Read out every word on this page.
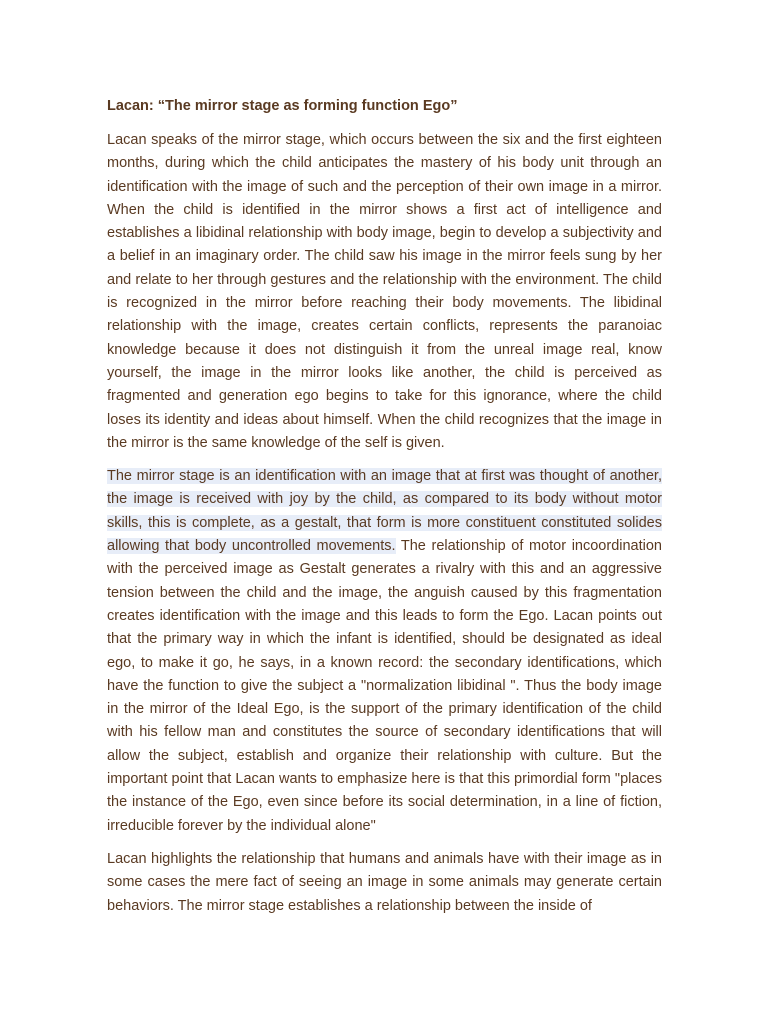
Lacan: “The mirror stage as forming function Ego”

Lacan speaks of the mirror stage, which occurs between the six and the first eighteen months, during which the child anticipates the mastery of his body unit through an identification with the image of such and the perception of their own image in a mirror. When the child is identified in the mirror shows a first act of intelligence and establishes a libidinal relationship with body image, begin to develop a subjectivity and a belief in an imaginary order. The child saw his image in the mirror feels sung by her and relate to her through gestures and the relationship with the environment. The child is recognized in the mirror before reaching their body movements. The libidinal relationship with the image, creates certain conflicts, represents the paranoiac knowledge because it does not distinguish it from the unreal image real, know yourself, the image in the mirror looks like another, the child is perceived as fragmented and generation ego begins to take for this ignorance, where the child loses its identity and ideas about himself. When the child recognizes that the image in the mirror is the same knowledge of the self is given.

The mirror stage is an identification with an image that at first was thought of another, the image is received with joy by the child, as compared to its body without motor skills, this is complete, as a gestalt, that form is more constituent constituted solides allowing that body uncontrolled movements. The relationship of motor incoordination with the perceived image as Gestalt generates a rivalry with this and an aggressive tension between the child and the image, the anguish caused by this fragmentation creates identification with the image and this leads to form the Ego. Lacan points out that the primary way in which the infant is identified, should be designated as ideal ego, to make it go, he says, in a known record: the secondary identifications, which have the function to give the subject a "normalization libidinal ". Thus the body image in the mirror of the Ideal Ego, is the support of the primary identification of the child with his fellow man and constitutes the source of secondary identifications that will allow the subject, establish and organize their relationship with culture. But the important point that Lacan wants to emphasize here is that this primordial form "places the instance of the Ego, even since before its social determination, in a line of fiction, irreducible forever by the individual alone"

Lacan highlights the relationship that humans and animals have with their image as in some cases the mere fact of seeing an image in some animals may generate certain behaviors. The mirror stage establishes a relationship between the inside of
